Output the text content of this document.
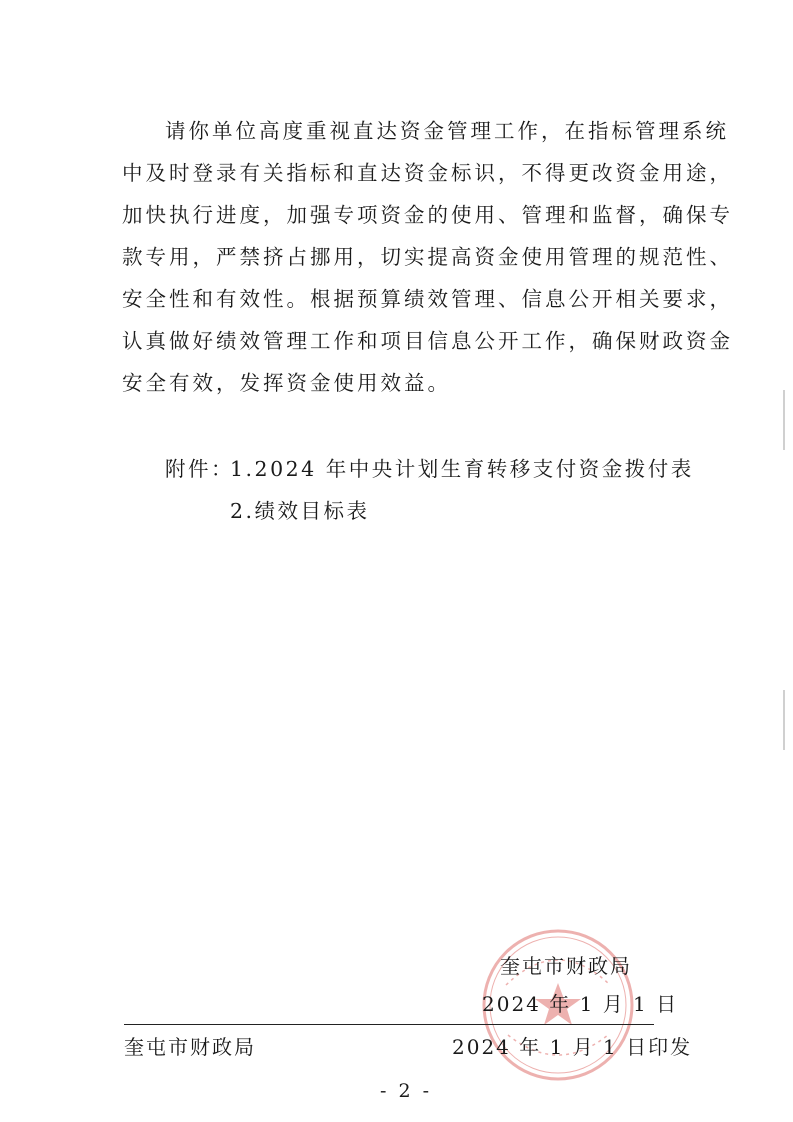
请你单位高度重视直达资金管理工作，在指标管理系统
中及时登录有关指标和直达资金标识，不得更改资金用途，
加快执行进度，加强专项资金的使用、管理和监督，确保专
款专用，严禁挤占挪用，切实提高资金使用管理的规范性、
安全性和有效性。根据预算绩效管理、信息公开相关要求，
认真做好绩效管理工作和项目信息公开工作，确保财政资金
安全有效，发挥资金使用效益。
附件：
1.2024 年中央计划生育转移支付资金拨付表
2.绩效目标表
奎屯市财政局
2024 年 1 月 1 日
奎屯市财政局	2024 年 1 月 1 日印发
- 2 -
